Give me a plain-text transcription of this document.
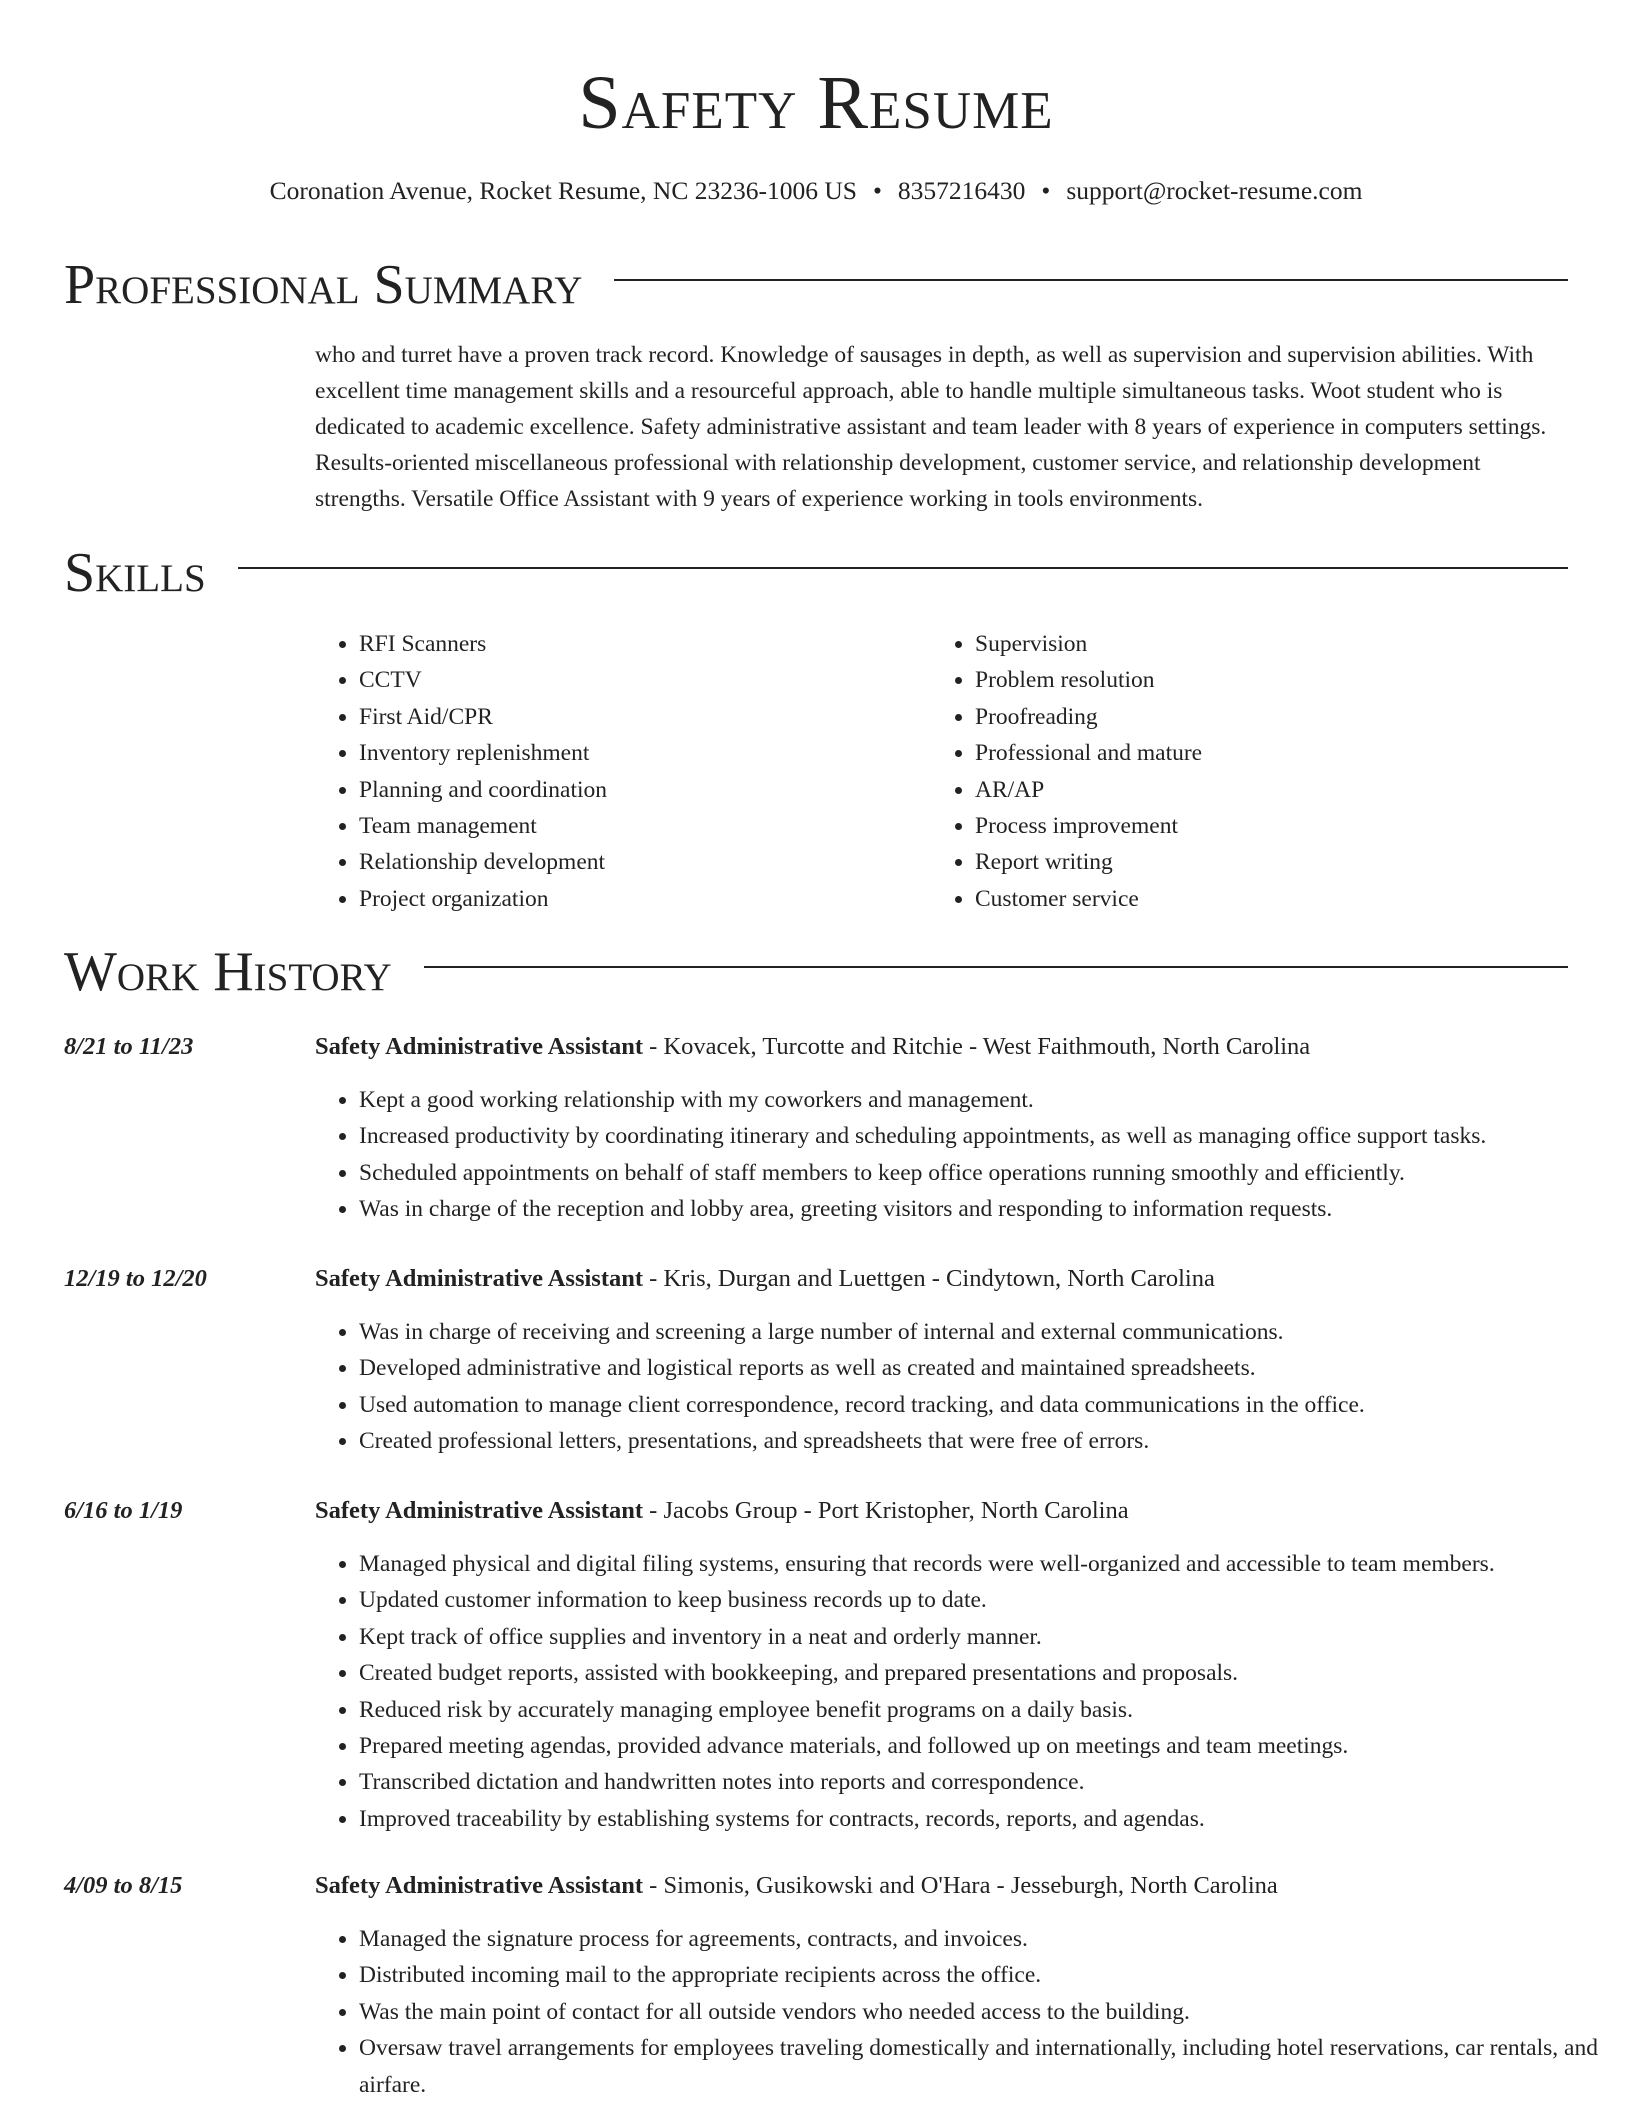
Safety Resume
Coronation Avenue, Rocket Resume, NC 23236-1006 US • 8357216430 • support@rocket-resume.com
Professional Summary
who and turret have a proven track record. Knowledge of sausages in depth, as well as supervision and supervision abilities. With excellent time management skills and a resourceful approach, able to handle multiple simultaneous tasks. Woot student who is dedicated to academic excellence. Safety administrative assistant and team leader with 8 years of experience in computers settings. Results-oriented miscellaneous professional with relationship development, customer service, and relationship development strengths. Versatile Office Assistant with 9 years of experience working in tools environments.
Skills
• RFI Scanners
• CCTV
• First Aid/CPR
• Inventory replenishment
• Planning and coordination
• Team management
• Relationship development
• Project organization
• Supervision
• Problem resolution
• Proofreading
• Professional and mature
• AR/AP
• Process improvement
• Report writing
• Customer service
Work History
8/21 to 11/23	Safety Administrative Assistant - Kovacek, Turcotte and Ritchie - West Faithmouth, North Carolina
• Kept a good working relationship with my coworkers and management.
• Increased productivity by coordinating itinerary and scheduling appointments, as well as managing office support tasks.
• Scheduled appointments on behalf of staff members to keep office operations running smoothly and efficiently.
• Was in charge of the reception and lobby area, greeting visitors and responding to information requests.
12/19 to 12/20	Safety Administrative Assistant - Kris, Durgan and Luettgen - Cindytown, North Carolina
• Was in charge of receiving and screening a large number of internal and external communications.
• Developed administrative and logistical reports as well as created and maintained spreadsheets.
• Used automation to manage client correspondence, record tracking, and data communications in the office.
• Created professional letters, presentations, and spreadsheets that were free of errors.
6/16 to 1/19	Safety Administrative Assistant - Jacobs Group - Port Kristopher, North Carolina
• Managed physical and digital filing systems, ensuring that records were well-organized and accessible to team members.
• Updated customer information to keep business records up to date.
• Kept track of office supplies and inventory in a neat and orderly manner.
• Created budget reports, assisted with bookkeeping, and prepared presentations and proposals.
• Reduced risk by accurately managing employee benefit programs on a daily basis.
• Prepared meeting agendas, provided advance materials, and followed up on meetings and team meetings.
• Transcribed dictation and handwritten notes into reports and correspondence.
• Improved traceability by establishing systems for contracts, records, reports, and agendas.
4/09 to 8/15	Safety Administrative Assistant - Simonis, Gusikowski and O'Hara - Jesseburgh, North Carolina
• Managed the signature process for agreements, contracts, and invoices.
• Distributed incoming mail to the appropriate recipients across the office.
• Was the main point of contact for all outside vendors who needed access to the building.
• Oversaw travel arrangements for employees traveling domestically and internationally, including hotel reservations, car rentals, and airfare.
